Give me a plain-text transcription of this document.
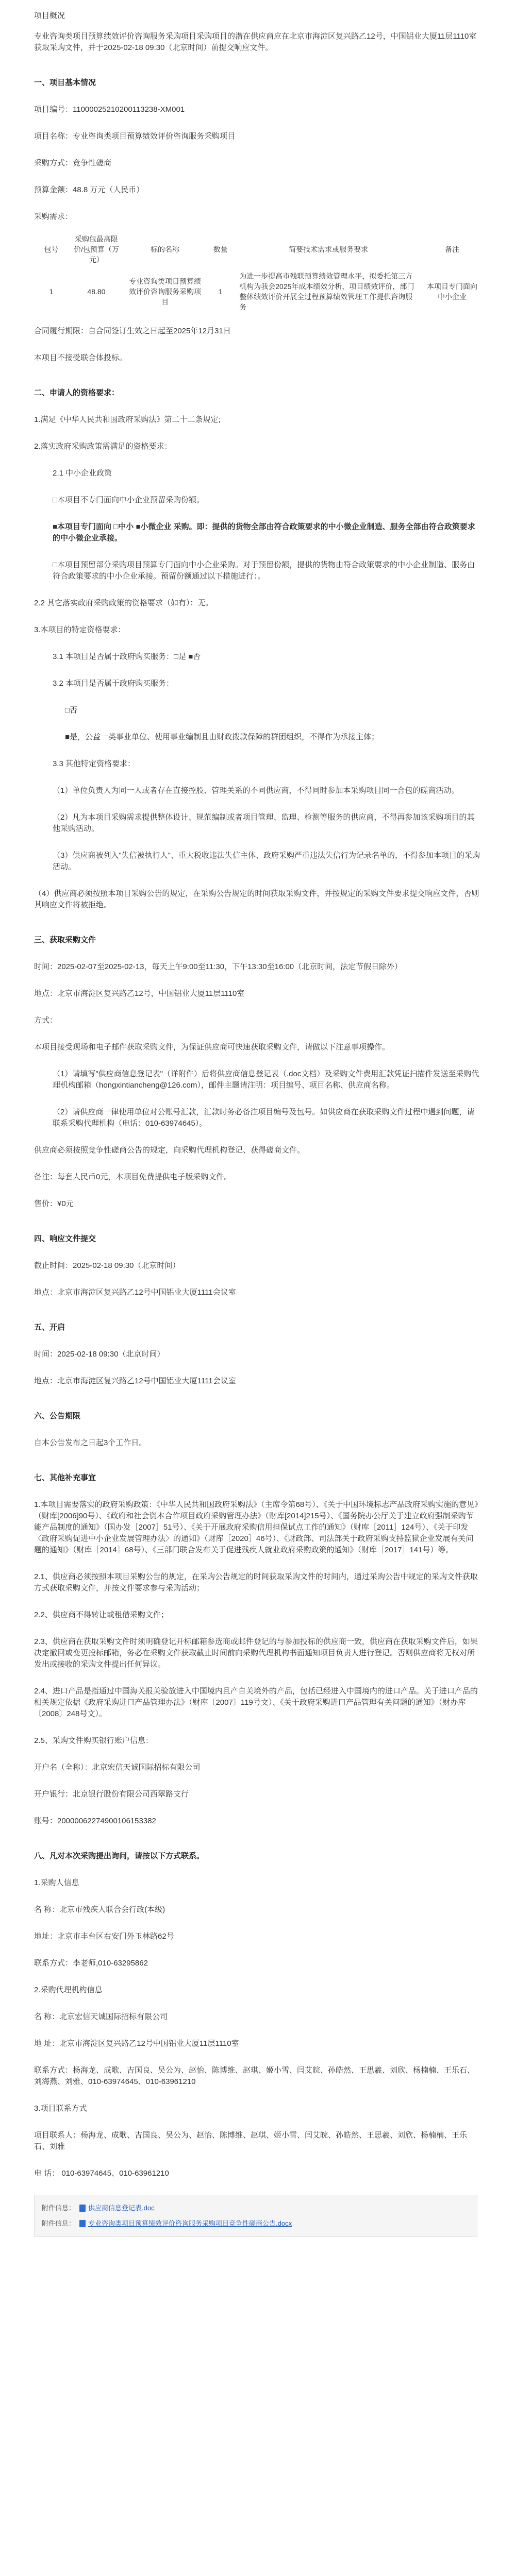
项目概况

专业咨询类项目预算绩效评价咨询服务采购项目采购项目的潜在供应商应在北京市海淀区复兴路乙12号，中国铝业大厦11层1110室获取采购文件，并于2025-02-18 09:30（北京时间）前提交响应文件。

一、项目基本情况

项目编号：11000025210200113238-XM001

项目名称：专业咨询类项目预算绩效评价咨询服务采购项目

采购方式：竞争性磋商

预算金额：48.8 万元（人民币）

采购需求：

包号	采购包最高限价/包预算（万元）	标的名称	数量	简要技术需求或服务要求	备注
1	48.80	专业咨询类项目预算绩效评价咨询服务采购项目	1	为进一步提高市残联预算绩效管理水平，拟委托第三方机构为我会2025年成本绩效分析，项目绩效评价，部门整体绩效评价开展全过程预算绩效管理工作提供咨询服务	本项目专门面向中小企业

合同履行期限：自合同签订生效之日起至2025年12月31日

本项目不接受联合体投标。

二、申请人的资格要求：

1.满足《中华人民共和国政府采购法》第二十二条规定;

2.落实政府采购政策需满足的资格要求：

2.1 中小企业政策

□本项目不专门面向中小企业预留采购份额。

■本项目专门面向 □中小 ■小微企业 采购。即：提供的货物全部由符合政策要求的中小微企业制造、服务全部由符合政策要求的中小微企业承接。

□本项目预留部分采购项目预算专门面向中小企业采购。对于预留份额，提供的货物由符合政策要求的中小企业制造、服务由符合政策要求的中小企业承接。预留份额通过以下措施进行：。

2.2 其它落实政府采购政策的资格要求（如有）：无。

3.本项目的特定资格要求：

3.1 本项目是否属于政府购买服务：□是 ■否

3.2 本项目是否属于政府购买服务：

□否

■是，公益一类事业单位、使用事业编制且由财政拨款保障的群团组织，不得作为承接主体；

3.3 其他特定资格要求：

（1）单位负责人为同一人或者存在直接控股、管理关系的不同供应商，不得同时参加本采购项目同一合包的磋商活动。

（2）凡为本项目采购需求提供整体设计、规范编制或者项目管理、监理、检测等服务的供应商，不得再参加该采购项目的其他采购活动。

（3）供应商被列入"失信被执行人"、重大税收违法失信主体、政府采购严重违法失信行为记录名单的，不得参加本项目的采购活动。

（4）供应商必须按照本项目采购公告的规定，在采购公告规定的时间获取采购文件，并按规定的采购文件要求提交响应文件，否则其响应文件将被拒绝。

三、获取采购文件

时间：2025-02-07至2025-02-13，每天上午9:00至11:30，下午13:30至16:00（北京时间，法定节假日除外）

地点：北京市海淀区复兴路乙12号，中国铝业大厦11层1110室

方式：

本项目接受现场和电子邮件获取采购文件，为保证供应商可快速获取采购文件，请做以下注意事项操作。

（1）请填写"供应商信息登记表"（详附件）后将供应商信息登记表（.doc文档）及采购文件费用汇款凭证扫描件发送至采购代理机构邮箱（hongxintiancheng@126.com），邮件主题请注明：项目编号、项目名称、供应商名称。

（2）请供应商一律使用单位对公账号汇款，汇款时务必备注项目编号及包号。如供应商在获取采购文件过程中遇到问题，请联系采购代理机构（电话：010-63974645）。

供应商必须按照竞争性磋商公告的规定，向采购代理机构登记、获得磋商文件。

备注：每套人民币0元，本项目免费提供电子版采购文件。

售价：¥0元

四、响应文件提交

截止时间：2025-02-18 09:30（北京时间）

地点：北京市海淀区复兴路乙12号中国铝业大厦1111会议室

五、开启

时间：2025-02-18 09:30（北京时间）

地点：北京市海淀区复兴路乙12号中国铝业大厦1111会议室

六、公告期限

自本公告发布之日起3个工作日。

七、其他补充事宜

1.本项目需要落实的政府采购政策：《中华人民共和国政府采购法》（主席令第68号）、《关于中国环境标志产品政府采购实施的意见》（财库[2006]90号）、《政府和社会资本合作项目政府采购管理办法》（财库[2014]215号）、《国务院办公厅关于建立政府强制采购节能产品制度的通知》（国办发［2007］51号）、《关于开展政府采购信用担保试点工作的通知》（财库［2011］124号）、《关于印发〈政府采购促进中小企业发展管理办法〉的通知》（财库［2020］46号）、《财政部、司法部关于政府采购支持监狱企业发展有关问题的通知》（财库［2014］68号）、《三部门联合发布关于促进残疾人就业政府采购政策的通知》（财库［2017］141号）等。

2.1、供应商必须按照本项目采购公告的规定，在采购公告规定的时间获取采购文件的时间内，通过采购公告中规定的采购文件获取方式获取采购文件，并按文件要求参与采购活动；

2.2、供应商不得转让或租借采购文件；

2.3、供应商在获取采购文件时须明确登记开标邮箱参选商或邮件登记的与参加投标的供应商一致，供应商在获取采购文件后，如果决定撤回或变更投标邮箱，务必在采购文件获取截止时间前向采购代理机构书面通知项目负责人进行登记。否则供应商将无权对所发出或接收的采购文件提出任何异议。

2.4、进口产品是指通过中国海关报关验放进入中国境内且产自关境外的产品，包括已经进入中国境内的进口产品。关于进口产品的相关规定依据《政府采购进口产品管理办法》（财库〔2007〕119号文）、《关于政府采购进口产品管理有关问题的通知》（财办库〔2008〕248号文）。

2.5、采购文件购买银行账户信息：

开户名（全称）：北京宏信天诚国际招标有限公司

开户银行：北京银行股份有限公司西翠路支行

账号：20000062274900106153382

八、凡对本次采购提出询问，请按以下方式联系。

1.采购人信息

名 称：北京市残疾人联合会行政(本级)

地址：北京市丰台区右安门外玉林路62号

联系方式：李老师,010-63295862

2.采购代理机构信息

名 称：北京宏信天诚国际招标有限公司

地 址：北京市海淀区复兴路乙12号中国铝业大厦11层1110室

联系方式：杨海龙、成歌、吉国良、吴公为、赵怡、陈博维、赵琪、姬小雪、闫艾皖、孙皓然、王思羲、刘欣、杨楠楠、王乐石、刘海燕、刘雅、010-63974645、010-63961210

3.项目联系方式

项目联系人：杨海龙、成歌、吉国良、吴公为、赵怡、陈博维、赵琪、姬小雪、闫艾皖、孙皓然、王思羲、刘欣、杨楠楠、王乐石、刘雅

电 话： 010-63974645、010-63961210

附件信息： 供应商信息登记表.doc
附件信息： 专业咨询类项目预算绩效评价咨询服务采购项目竞争性磋商公告.docx
